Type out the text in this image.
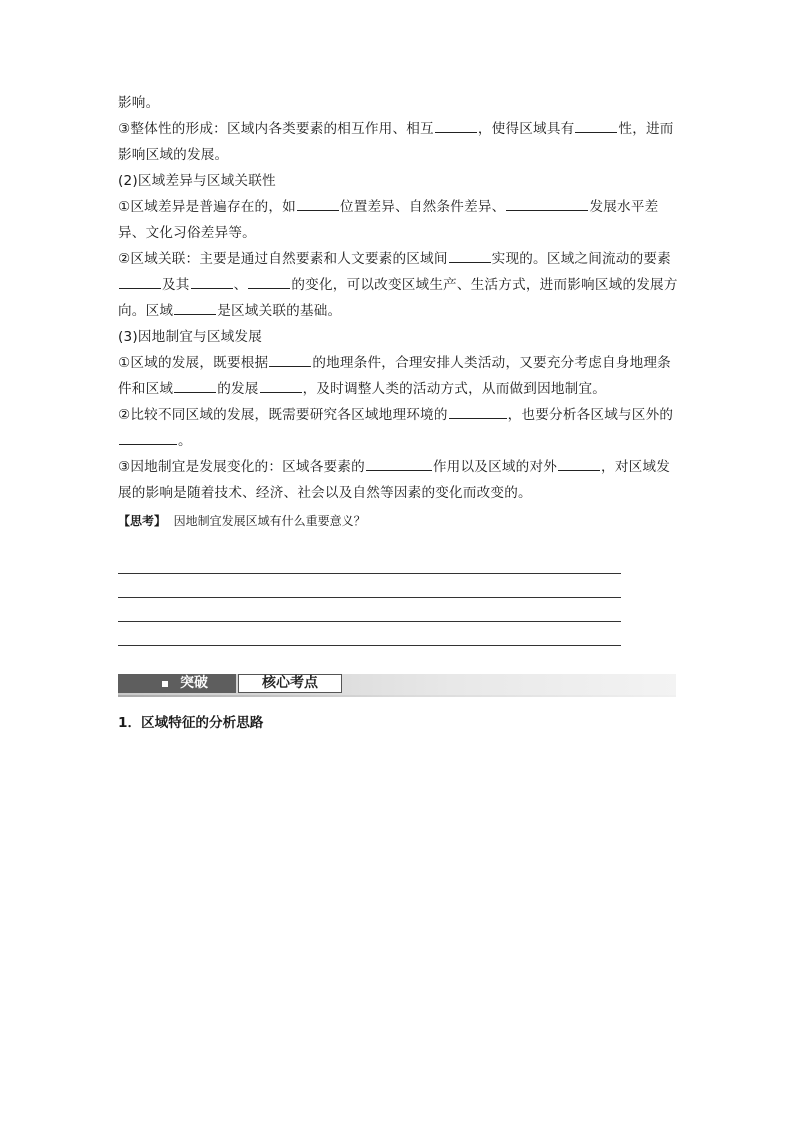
影响。

③整体性的形成：区域内各类要素的相互作用、相互	，使得区域具有	性，进而影响区域的发展。

(2)区域差异与区域关联性

①区域差异是普遍存在的，如	位置差异、自然条件差异、	发展水平差异、文化习俗差异等。

②区域关联：主要是通过自然要素和人文要素的区域间	实现的。区域之间流动的要素及其	、	的变化，可以改变区域生产、生活方式，进而影响区域的发展方向。区域	是区域关联的基础。

(3)因地制宜与区域发展

①区域的发展，既要根据	的地理条件，合理安排人类活动，又要充分考虑自身地理条件和区域	的发展	，及时调整人类的活动方式，从而做到因地制宜。

②比较不同区域的发展，既需要研究各区域地理环境的	，也要分析各区域与区外的。

③因地制宜是发展变化的：区域各要素的	作用以及区域的对外	，对区域发展的影响是随着技术、经济、社会以及自然等因素的变化而改变的。

【思考】 因地制宜发展区域有什么重要意义？

突破	核心考点
1．区域特征的分析思路
